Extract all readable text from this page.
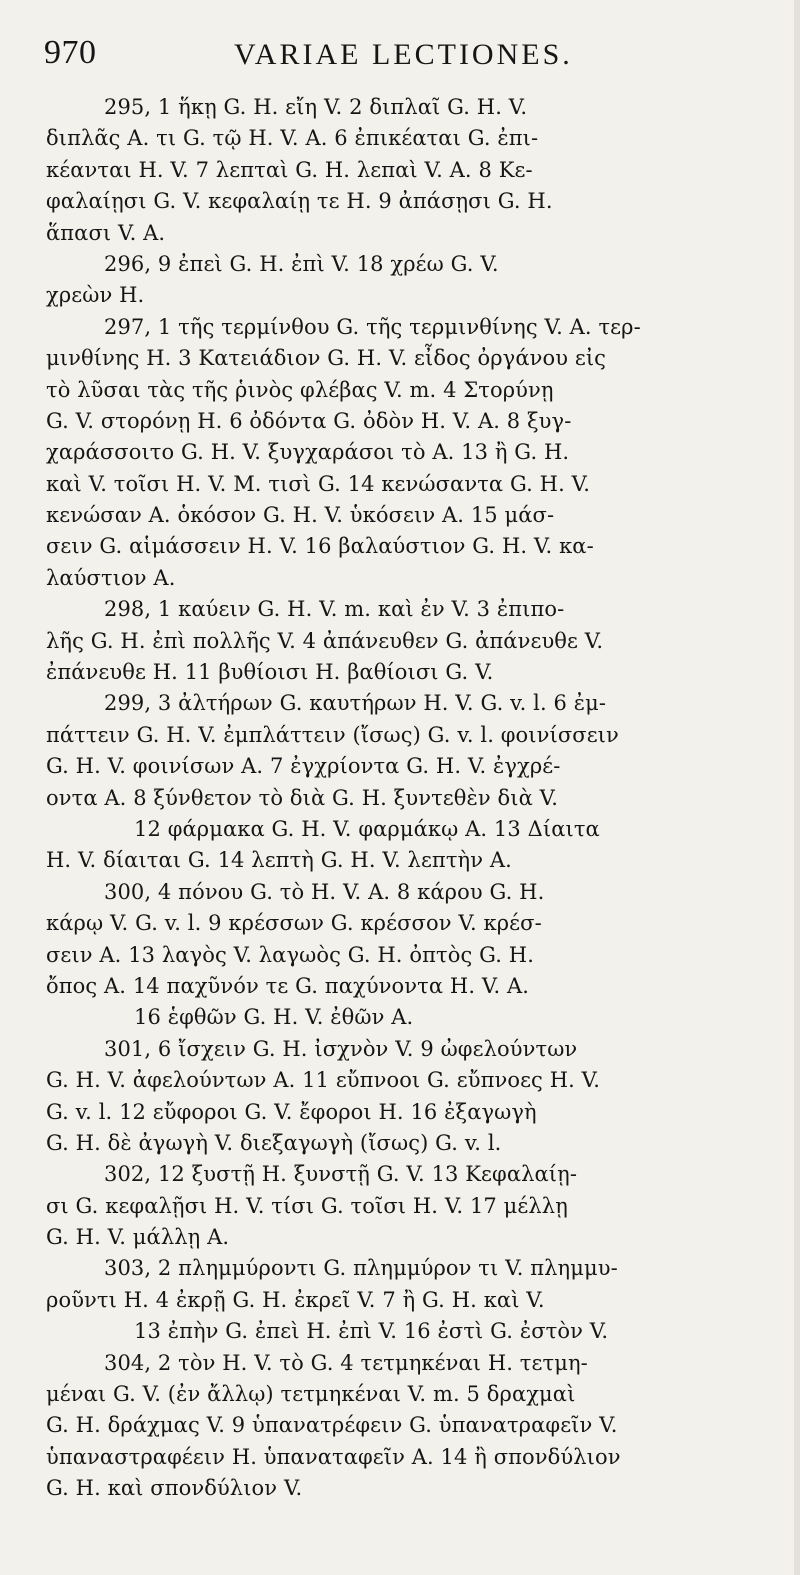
970	VARIAE LECTIONES.
295, 1 ἥκῃ G. H. εἴη V. 2 διπλαῖ G. H. V.
διπλᾶς A. τι G. τῷ H. V. A. 6 ἐπικέαται G. ἐπι-
κέανται H. V. 7 λεπταὶ G. H. λεπαὶ V. A. 8 Κε-
φαλαίῃσι G. V. κεφαλαίῃ τε H. 9 ἀπάσῃσι G. H.
ἅπασι V. A.
296, 9 ἐπεὶ G. H. ἐπὶ V. 18 χρέω G. V.
χρεὼν H.
297, 1 τῆς τερμίνθου G. τῆς τερμινθίνης V. A. τερ-
μινθίνης H. 3 Κατειάδιον G. H. V. εἶδος ὀργάνου εἰς
τὸ λῦσαι τὰς τῆς ῥινὸς φλέβας V. m. 4 Στορύνῃ
G. V. στορόνῃ H. 6 ὀδόντα G. ὀδὸν H. V. A. 8 ξυγ-
χαράσσοιτο G. H. V. ξυγχαράσοι τὸ A. 13 ἢ G. H.
καὶ V. τοῖσι H. V. M. τισὶ G. 14 κενώσαντα G. H. V.
κενώσαν A. ὁκόσον G. H. V. ὑκόσειν A. 15 μάσ-
σειν G. αἱμάσσειν H. V. 16 βαλαύστιον G. H. V. κα-
λαύστιον A.
298, 1 καύειν G. H. V. m. καὶ ἐν V. 3 ἐπιπο-
λῆς G. H. ἐπὶ πολλῆς V. 4 ἀπάνευθεν G. ἀπάνευθε V.
ἐπάνευθε H. 11 βυθίοισι H. βαθίοισι G. V.
299, 3 ἀλτήρων G. καυτήρων H. V. G. v. l. 6 ἐμ-
πάττειν G. H. V. ἐμπλάττειν (ἴσως) G. v. l. φοινίσσειν
G. H. V. φοινίσων A. 7 ἐγχρίοντα G. H. V. ἐγχρέ-
οντα A. 8 ξύνθετον τὸ διὰ G. H. ξυντεθὲν διὰ V.
12 φάρμακα G. H. V. φαρμάκῳ A. 13 Δίαιτα
H. V. δίαιται G. 14 λεπτὴ G. H. V. λεπτὴν A.
300, 4 πόνου G. τὸ H. V. A. 8 κάρου G. H.
κάρῳ V. G. v. l. 9 κρέσσων G. κρέσσον V. κρέσ-
σειν A. 13 λαγὸς V. λαγωὸς G. H. ὀπτὸς G. H.
ὄπος A. 14 παχῦνόν τε G. παχύνοντα H. V. A.
16 ἑφθῶν G. H. V. ἐθῶν A.
301, 6 ἴσχειν G. H. ἰσχνὸν V. 9 ὠφελούντων
G. H. V. ἀφελούντων A. 11 εὔπνοοι G. εὔπνοες H. V.
G. v. l. 12 εὔφοροι G. V. ἔφοροι H. 16 ἐξαγωγὴ
G. H. δὲ ἀγωγὴ V. διεξαγωγὴ (ἴσως) G. v. l.
302, 12 ξυστῇ H. ξυνστῇ G. V. 13 Κεφαλαίῃ-
σι G. κεφαλῇσι H. V. τίσι G. τοῖσι H. V. 17 μέλλῃ
G. H. V. μάλλῃ A.
303, 2 πλημμύροντι G. πλημμύρον τι V. πλημμυ-
ροῦντι H. 4 ἐκρῇ G. H. ἐκρεῖ V. 7 ἢ G. H. καὶ V.
13 ἐπὴν G. ἐπεὶ H. ἐπὶ V. 16 ἐστὶ G. ἐστὸν V.
304, 2 τὸν H. V. τὸ G. 4 τετμηκέναι H. τετμη-
μέναι G. V. (ἐν ἄλλῳ) τετμηκέναι V. m. 5 δραχμαὶ
G. H. δράχμας V. 9 ὑπανατρέφειν G. ὑπανατραφεῖν V.
ὑπαναστραφέειν H. ὑπαναταφεῖν A. 14 ἢ σπονδύλιον
G. H. καὶ σπονδύλιον V.
